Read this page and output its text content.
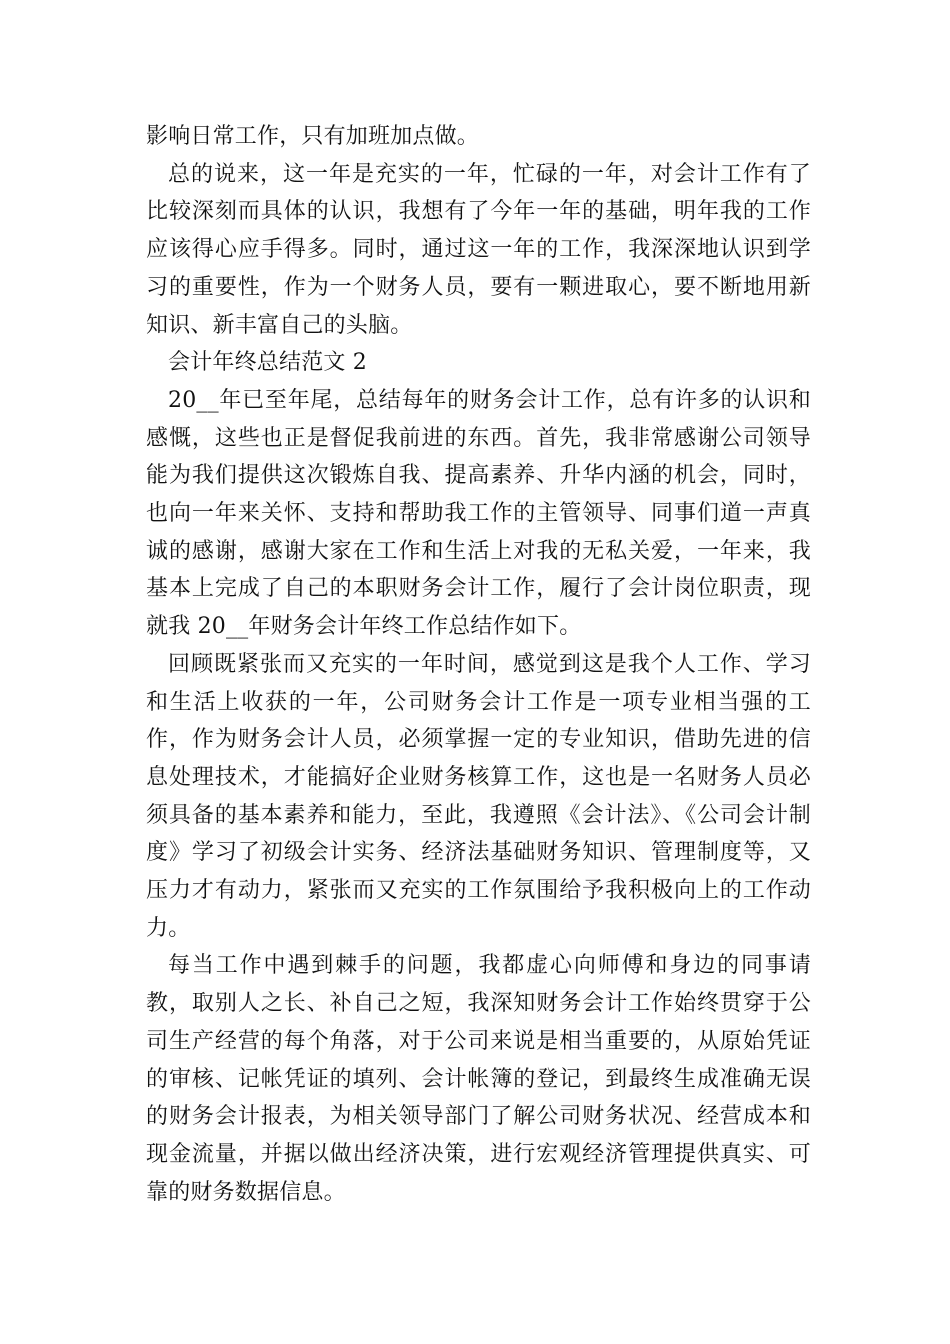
影响日常工作，只有加班加点做。

总的说来，这一年是充实的一年，忙碌的一年，对会计工作有了比较深刻而具体的认识，我想有了今年一年的基础，明年我的工作应该得心应手得多。同时，通过这一年的工作，我深深地认识到学习的重要性，作为一个财务人员，要有一颗进取心，要不断地用新知识、新丰富自己的头脑。

会计年终总结范文 2

20__年已至年尾，总结每年的财务会计工作，总有许多的认识和感慨，这些也正是督促我前进的东西。首先，我非常感谢公司领导能为我们提供这次锻炼自我、提高素养、升华内涵的机会，同时，也向一年来关怀、支持和帮助我工作的主管领导、同事们道一声真诚的感谢，感谢大家在工作和生活上对我的无私关爱，一年来，我基本上完成了自己的本职财务会计工作，履行了会计岗位职责，现就我 20__年财务会计年终工作总结作如下。

回顾既紧张而又充实的一年时间，感觉到这是我个人工作、学习和生活上收获的一年，公司财务会计工作是一项专业相当强的工作，作为财务会计人员，必须掌握一定的专业知识，借助先进的信息处理技术，才能搞好企业财务核算工作，这也是一名财务人员必须具备的基本素养和能力，至此，我遵照《会计法》、《公司会计制度》学习了初级会计实务、经济法基础财务知识、管理制度等，又压力才有动力，紧张而又充实的工作氛围给予我积极向上的工作动力。

每当工作中遇到棘手的问题，我都虚心向师傅和身边的同事请教，取别人之长、补自己之短，我深知财务会计工作始终贯穿于公司生产经营的每个角落，对于公司来说是相当重要的，从原始凭证的审核、记帐凭证的填列、会计帐簿的登记，到最终生成准确无误的财务会计报表，为相关领导部门了解公司财务状况、经营成本和现金流量，并据以做出经济决策，进行宏观经济管理提供真实、可靠的财务数据信息。
